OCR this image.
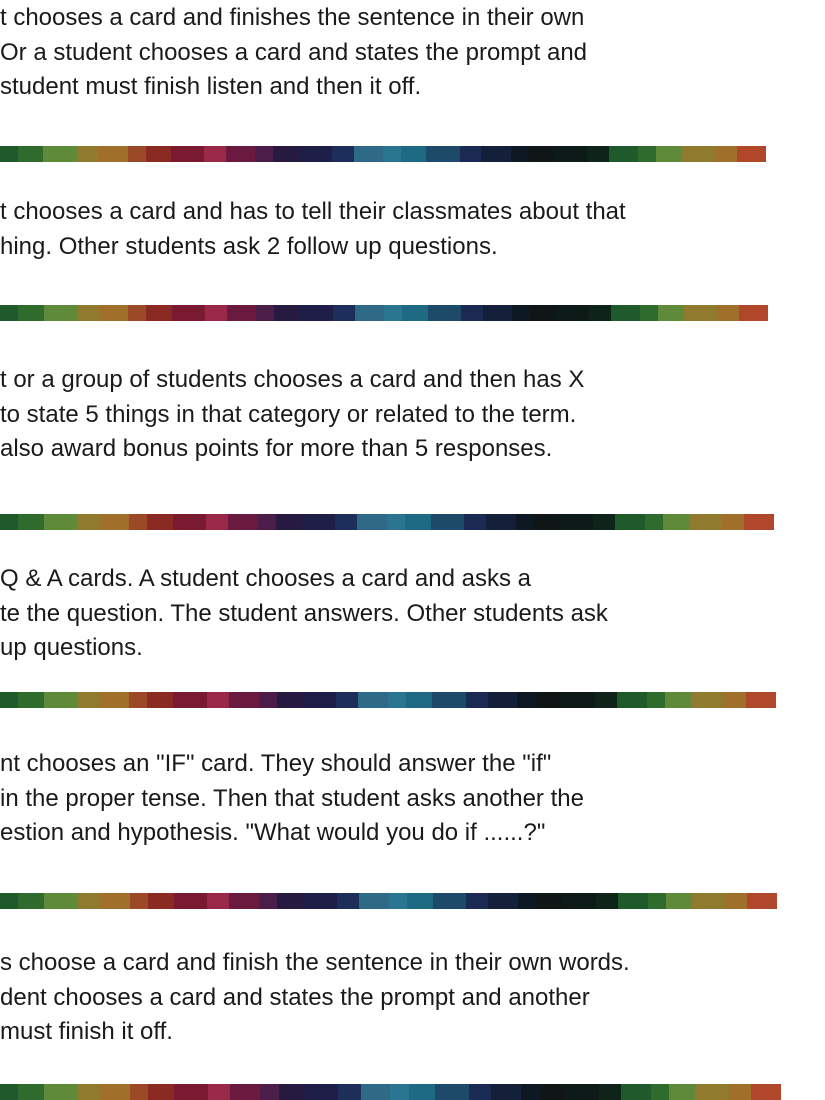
t chooses a card and finishes the sentence in their own
Or a student chooses a card and states the prompt and
student must finish listen and then it off.

t chooses a card and has to tell their classmates about that
hing. Other students ask 2 follow up questions.

t or a group of students chooses a card and then has X
to state 5 things in that category or related to the term.
also award bonus points for more than 5 responses.

Q & A cards. A student chooses a card and asks a
te the question. The student answers. Other students ask
up questions.

nt chooses an "IF" card. They should answer the "if"
in the proper tense. Then that student asks another the
estion and hypothesis. "What would you do if ......?"

s choose a card and finish the sentence in their own words.
dent chooses a card and states the prompt and another
must finish it off.
